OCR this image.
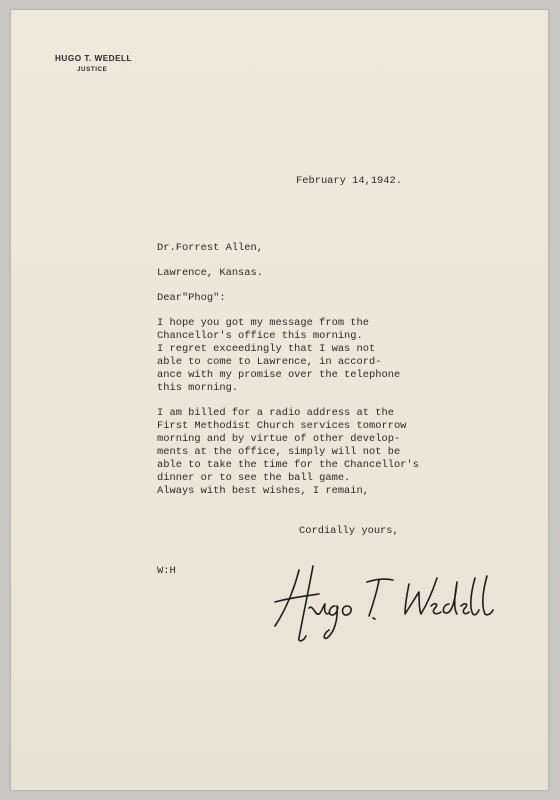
HUGO T. WEDELL
JUSTICE
February 14,1942.
Dr.Forrest Allen,
Lawrence, Kansas.
Dear"Phog":
I hope you got my message from the
Chancellor's office this morning.
I regret exceedingly that I was not
able to come to Lawrence, in accord-
ance with my promise over the telephone
this morning.
I am billed for a radio address at the
First Methodist Church services tomorrow
morning and by virtue of other develop-
ments at the office, simply will not be
able to take the time for the Chancellor's
dinner or to see the ball game.
Always with best wishes, I remain,
Cordially yours,
W:H
